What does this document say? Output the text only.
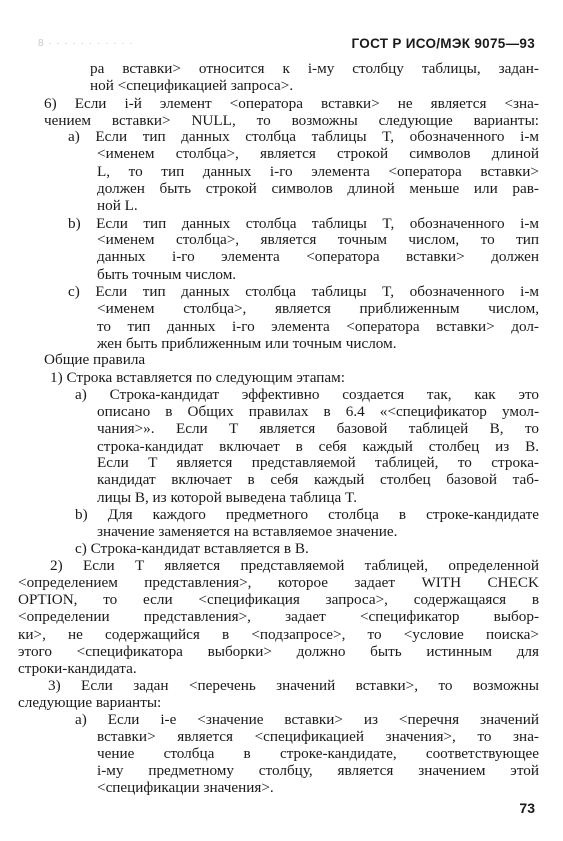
8 · · · · · · · · · · ·	ГОСТ Р ИСО/МЭК 9075—93
ра вставки> относится к i-му столбцу таблицы, задан-
ной <спецификацией запроса>.
6) Если i-й элемент <оператора вставки> не является <зна-
чением вставки> NULL, то возможны следующие варианты:
a) Если тип данных столбца таблицы T, обозначенного i-м
<именем столбца>, является строкой символов длиной
L, то тип данных i-го элемента <оператора вставки>
должен быть строкой символов длиной меньше или рав-
ной L.
b) Если тип данных столбца таблицы T, обозначенного i-м
<именем столбца>, является точным числом, то тип
данных i-го элемента <оператора вставки> должен
быть точным числом.
c) Если тип данных столбца таблицы T, обозначенного i-м
<именем столбца>, является приближенным числом,
то тип данных i-го элемента <оператора вставки> дол-
жен быть приближенным или точным числом.
Общие правила
1) Строка вставляется по следующим этапам:
a) Строка-кандидат эффективно создается так, как это
описано в Общих правилах в 6.4 «<спецификатор умол-
чания>». Если T является базовой таблицей B, то
строка-кандидат включает в себя каждый столбец из B.
Если T является представляемой таблицей, то строка-
кандидат включает в себя каждый столбец базовой таб-
лицы B, из которой выведена таблица T.
b) Для каждого предметного столбца в строке-кандидате
значение заменяется на вставляемое значение.
c) Строка-кандидат вставляется в B.
2) Если T является представляемой таблицей, определенной
<определением представления>, которое задает WITH CHECK
OPTION, то если <спецификация запроса>, содержащаяся в
<определении представления>, задает <спецификатор выбор-
ки>, не содержащийся в <подзапросе>, то <условие поиска>
этого <спецификатора выборки> должно быть истинным для
строки-кандидата.
3) Если задан <перечень значений вставки>, то возможны
следующие варианты:
a) Если i-е <значение вставки> из <перечня значений
вставки> является <спецификацией значения>, то зна-
чение столбца в строке-кандидате, соответствующее
i-му предметному столбцу, является значением этой
<спецификации значения>.
73
